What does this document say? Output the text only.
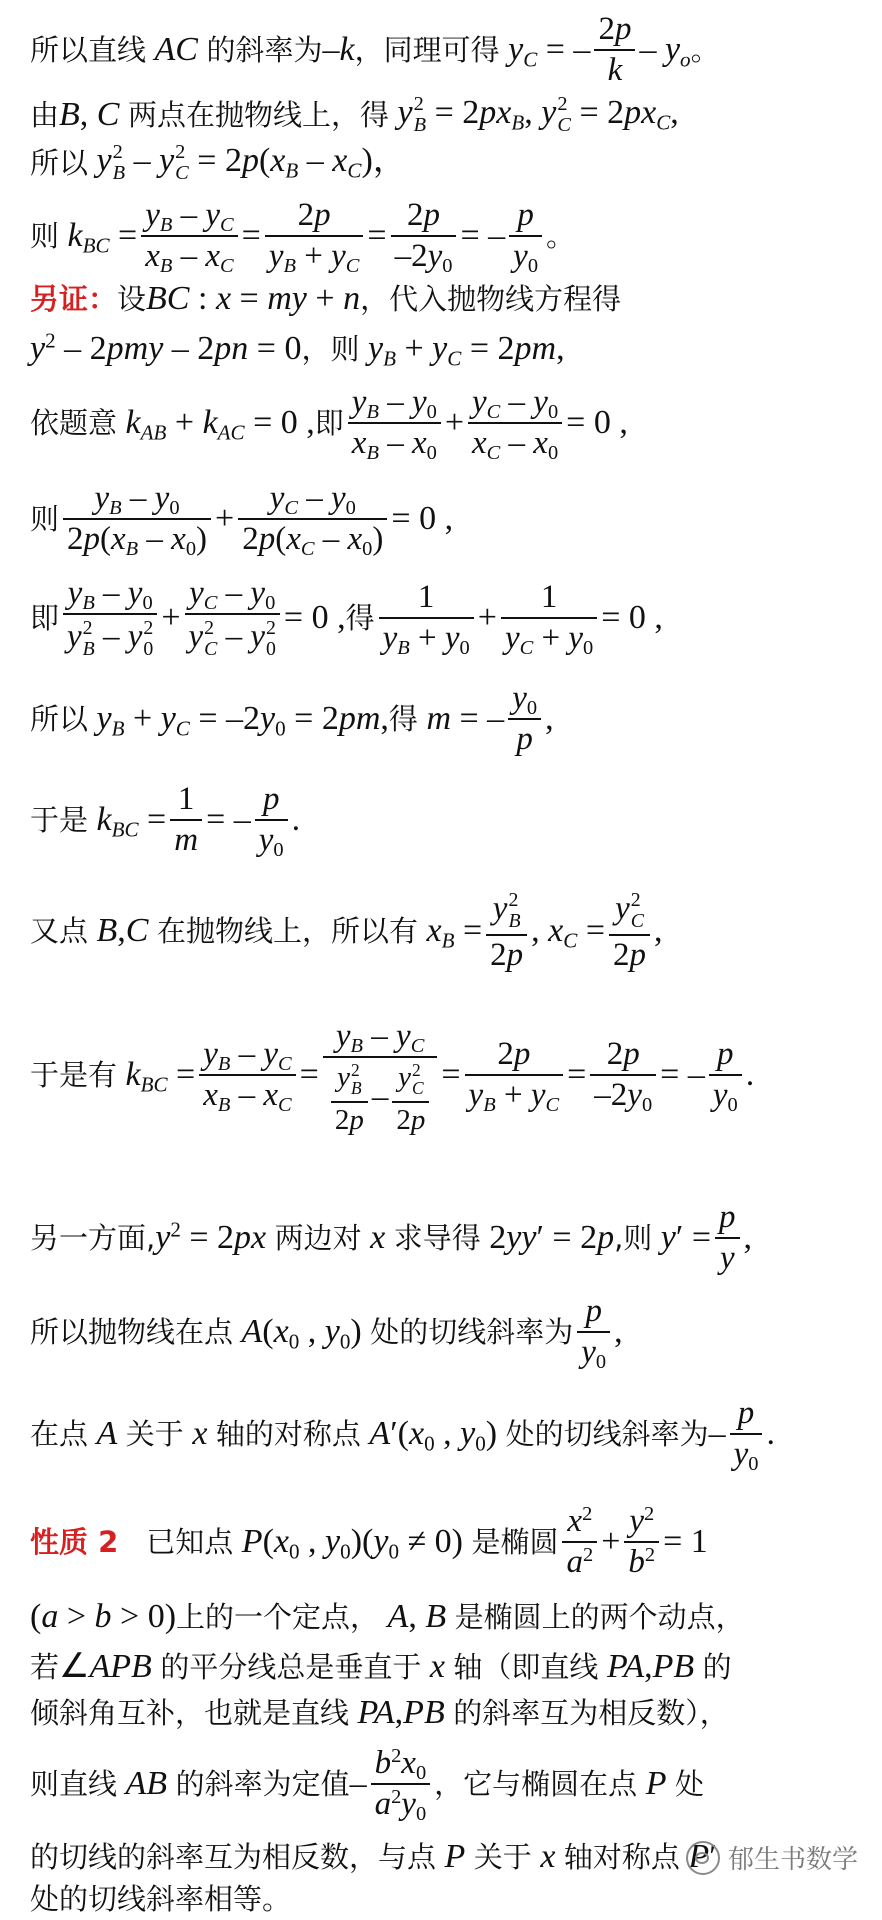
所以直线 AC 的斜率为 –k ，同理可得 $y_C$ = – $\frac{2p}{k} - y_o$ 。
由 B, C 两点在抛物线上，得 y 2
$B = 2px_B$, y 2
$C = 2px_C$,
所以 y 2
B – y 2
$C = 2p(x_B - x_C)$，
则 $k_{BC} = \frac{y_B - y_C}{x_B - x_C} = \frac{2p}{y_B + y_C} = \frac{2p}{-2y_0}$ = – $\frac{p}{y_0}$ 。
另证： 设 BC : x = my + n ，代入抛物线方程得
$y^2 - 2pmy - 2pn = 0$ ，则 $y_B + y_C = 2pm$,
依题意 $k_{AB} + k_{AC} = 0$ , 即 $\frac{y_B - y_0}{x_B - x_0} + \frac{y_C - y_0}{x_C - x_0} = 0$ ,
则 $\frac{y_B - y_0}{2p(x_B - x_0)} + \frac{y_C - y_0}{2p(x_C - x_0)} = 0$ ,
即 $y_B - y_0$
y 2
B – y 2
$0 + y_C - y_0$
y 2
C – y 2
0 = 0 , 得 $\frac{1}{y_B + y_0} + \frac{1}{y_C + y_0} = 0$ ,
所以 $y_B + y_C = -2y_0 = 2pm$, 得 m = – $\frac{y_0}{p}$ ,
于是 $k_{BC} = \frac{1}{m}$ = – $\frac{p}{y_0}$ .
又点 B,C 在抛物线上，所以有 $x_B = y$ 2
B
2p , $x_C = y$ 2
C
2p ,
于是有 $k_{BC} = \frac{y_B - y_C}{x_B - x_C} = y_B - y_C$
y 2
B
2p – y 2
C
$2p = \frac{2p}{y_B + y_C} = \frac{2p}{-2y_0}$ = – $\frac{p}{y_0}$ .
另一方面, $y^2 = 2px$ 两边对 x 求导得 2yy′ = 2p ,则 $y' = \frac{p}{y}$ ,
所以抛物线在点 $A(x_0$ , $y_0$) 处的切线斜率为 $\frac{p}{y_0}$ ,
在点 A 关于 x 轴的对称点 $A'(x_0$ , $y_0$) 处的切线斜率为 – $\frac{p}{y_0}$ .
性质 2 已知点 $P(x_0$ , $y_0)(y_0 \ne 0)$ 是椭圆 $\frac{x^2}{a^2} + \frac{y^2}{b^2} = 1$
(a > b > 0) 上的一个定点， A, B 是椭圆上的两个动点，
若 ∠APB 的平分线总是垂直于 x 轴（即直线 PA,PB 的
倾斜角互补，也就是直线 PA,PB 的斜率互为相反数），
则直线 AB 的斜率为定值 – $\frac{b^2x_0}{a^2y_0}$ ，它与椭圆在点 P 处
的切线的斜率互为相反数，与点 P 关于 x 轴对称点 P′
处的切线斜率相等。
郁生书数学
